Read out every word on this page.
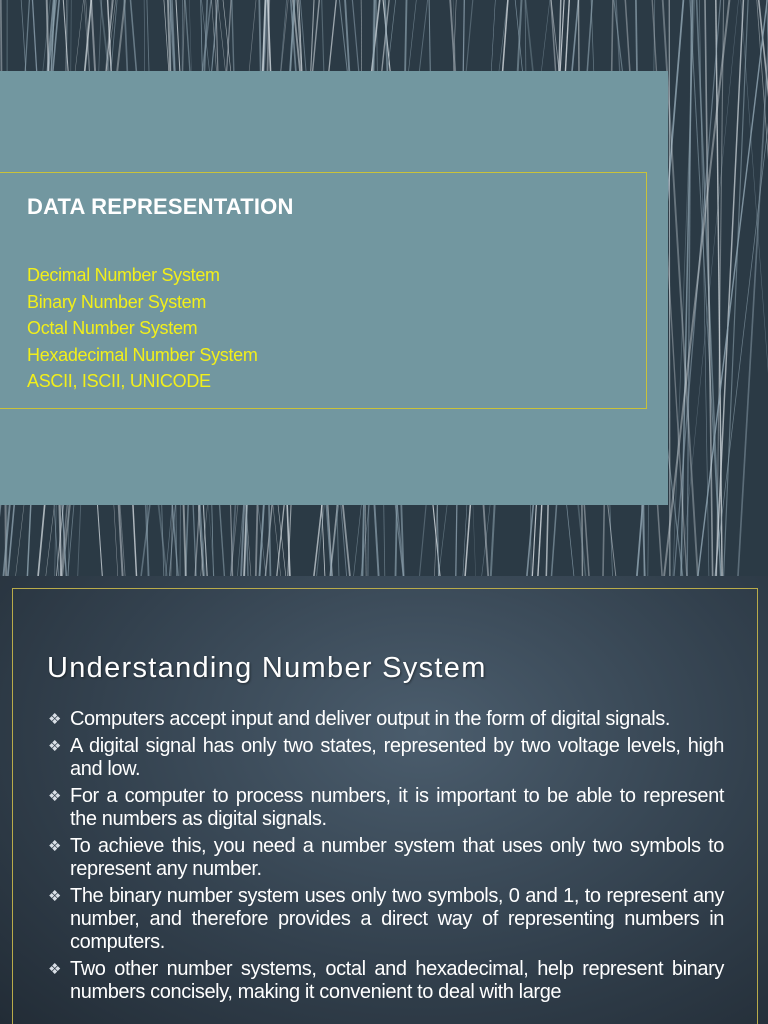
DATA REPRESENTATION
Decimal Number System
Binary Number System
Octal Number System
Hexadecimal Number System
ASCII, ISCII, UNICODE
Understanding Number System
❖ Computers accept input and deliver output in the form of digital signals.
❖ A digital signal has only two states, represented by two voltage levels, high and low.
❖ For a computer to process numbers, it is important to be able to represent the numbers as digital signals.
❖ To achieve this, you need a number system that uses only two symbols to represent any number.
❖ The binary number system uses only two symbols, 0 and 1, to represent any number, and therefore provides a direct way of representing numbers in computers.
❖ Two other number systems, octal and hexadecimal, help represent binary numbers concisely, making it convenient to deal with large
